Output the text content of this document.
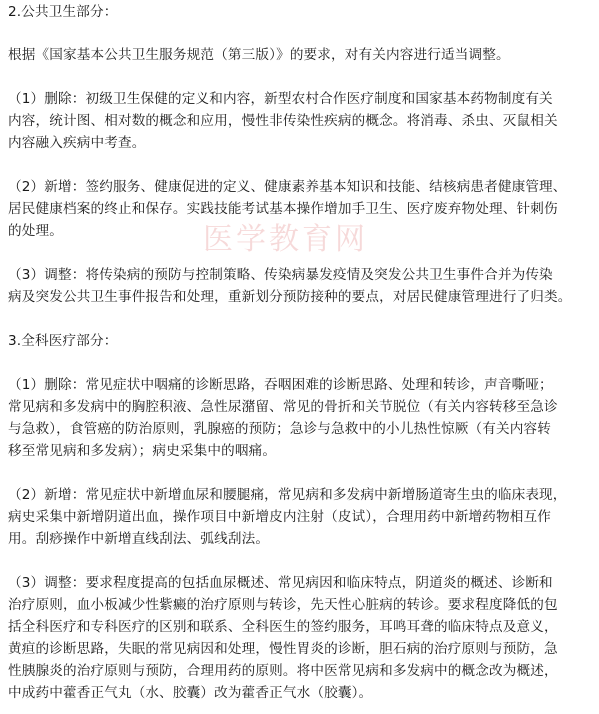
医学教育网
2.公共卫生部分：
根据《国家基本公共卫生服务规范（第三版）》的要求，对有关内容进行适当调整。
（1）删除：初级卫生保健的定义和内容，新型农村合作医疗制度和国家基本药物制度有关
内容，统计图、相对数的概念和应用，慢性非传染性疾病的概念。将消毒、杀虫、灭鼠相关
内容融入疾病中考查。
（2）新增：签约服务、健康促进的定义、健康素养基本知识和技能、结核病患者健康管理、
居民健康档案的终止和保存。实践技能考试基本操作增加手卫生、医疗废弃物处理、针刺伤
的处理。
（3）调整：将传染病的预防与控制策略、传染病暴发疫情及突发公共卫生事件合并为传染
病及突发公共卫生事件报告和处理，重新划分预防接种的要点，对居民健康管理进行了归类。
3.全科医疗部分：
（1）删除：常见症状中咽痛的诊断思路，吞咽困难的诊断思路、处理和转诊，声音嘶哑；
常见病和多发病中的胸腔积液、急性尿潴留、常见的骨折和关节脱位（有关内容转移至急诊
与急救），食管癌的防治原则，乳腺癌的预防；急诊与急救中的小儿热性惊厥（有关内容转
移至常见病和多发病）；病史采集中的咽痛。
（2）新增：常见症状中新增血尿和腰腿痛，常见病和多发病中新增肠道寄生虫的临床表现，
病史采集中新增阴道出血，操作项目中新增皮内注射（皮试），合理用药中新增药物相互作
用。刮痧操作中新增直线刮法、弧线刮法。
（3）调整：要求程度提高的包括血尿概述、常见病因和临床特点，阴道炎的概述、诊断和
治疗原则，血小板减少性紫癜的治疗原则与转诊，先天性心脏病的转诊。要求程度降低的包
括全科医疗和专科医疗的区别和联系、全科医生的签约服务，耳鸣耳聋的临床特点及意义，
黄疸的诊断思路，失眠的常见病因和处理，慢性胃炎的诊断，胆石病的治疗原则与预防，急
性胰腺炎的治疗原则与预防，合理用药的原则。将中医常见病和多发病中的概念改为概述，
中成药中藿香正气丸（水、胶囊）改为藿香正气水（胶囊）。
